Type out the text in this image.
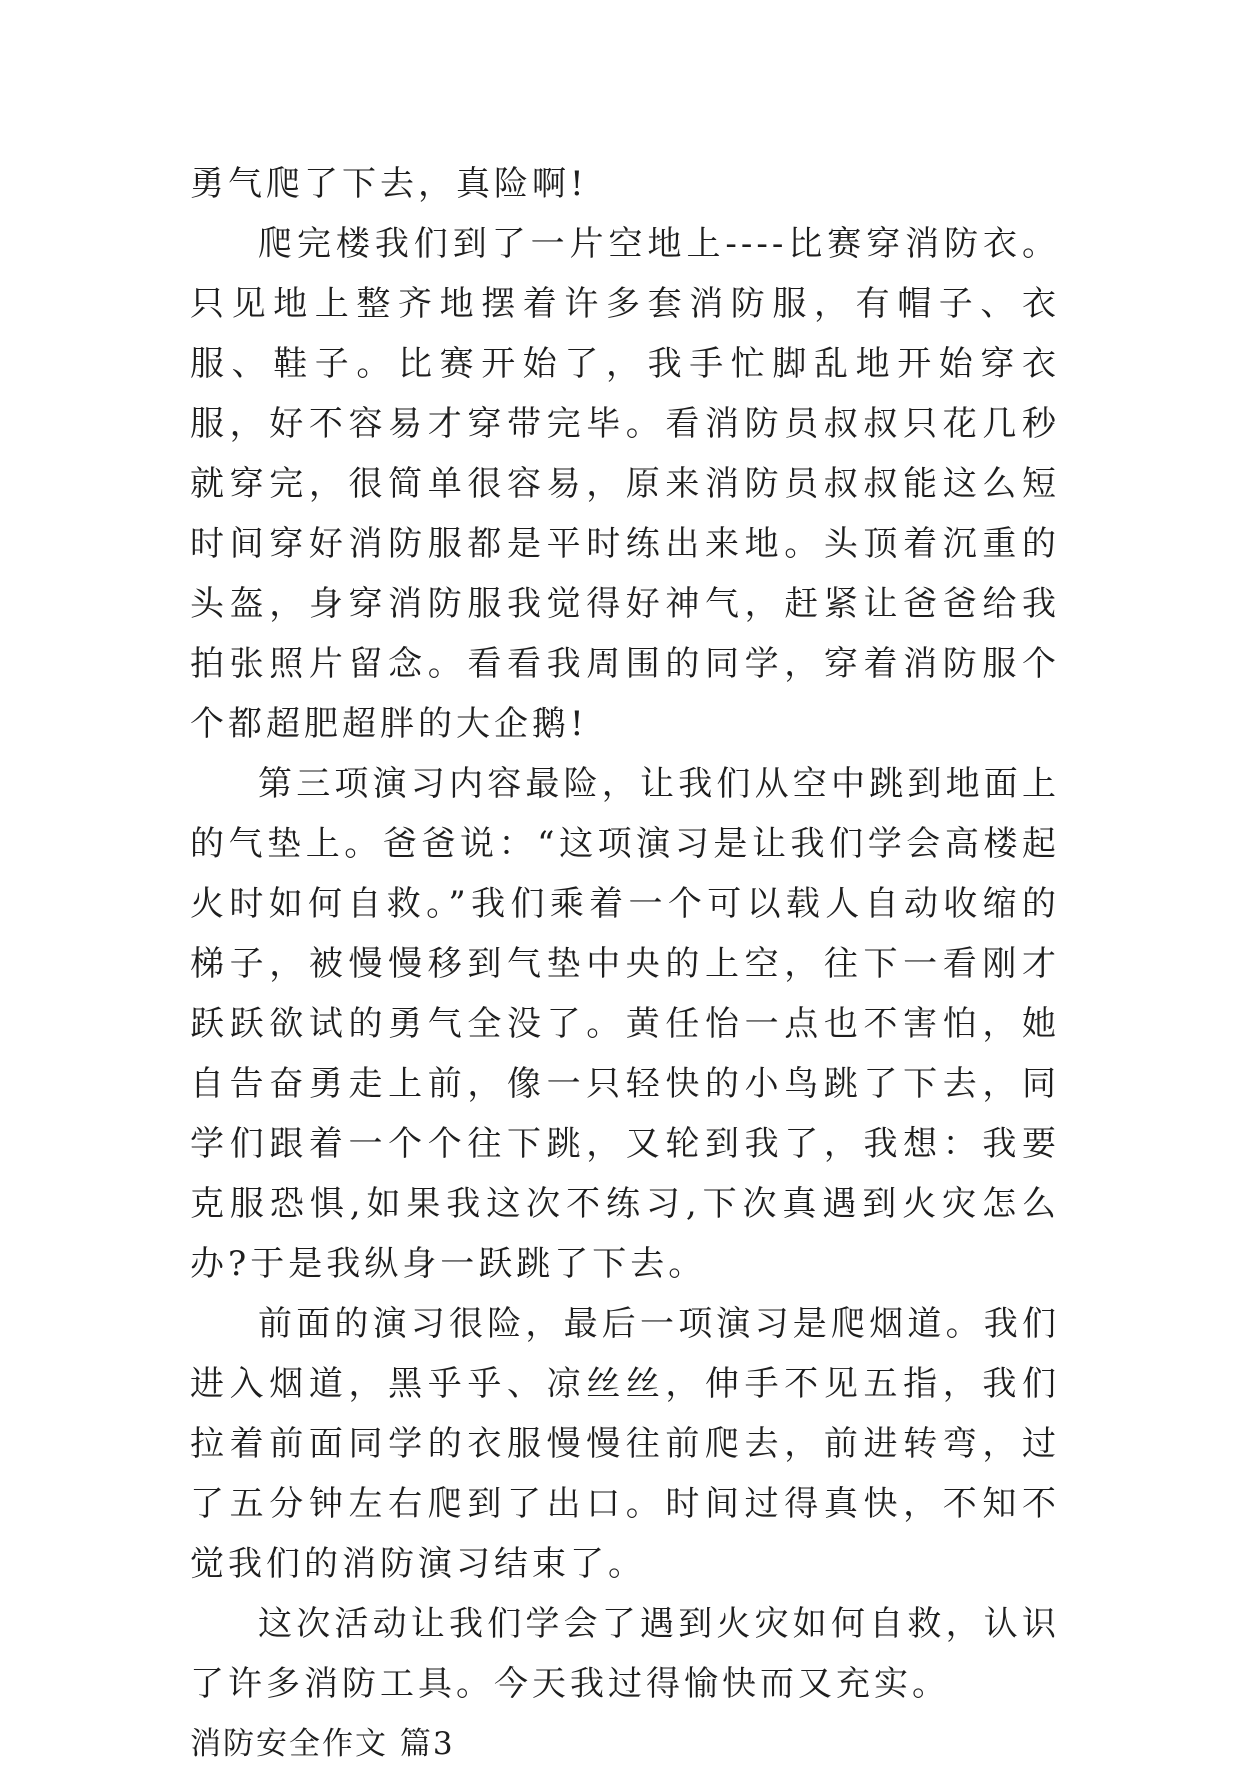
勇气爬了下去，真险啊!

爬完楼我们到了一片空地上----比赛穿消防衣。只见地上整齐地摆着许多套消防服，有帽子、衣服、鞋子。比赛开始了，我手忙脚乱地开始穿衣服，好不容易才穿带完毕。看消防员叔叔只花几秒就穿完，很简单很容易，原来消防员叔叔能这么短时间穿好消防服都是平时练出来地。头顶着沉重的头盔，身穿消防服我觉得好神气，赶紧让爸爸给我拍张照片留念。看看我周围的同学，穿着消防服个个都超肥超胖的大企鹅!

第三项演习内容最险，让我们从空中跳到地面上的气垫上。爸爸说：“这项演习是让我们学会高楼起火时如何自救。”我们乘着一个可以载人自动收缩的梯子，被慢慢移到气垫中央的上空，往下一看刚才跃跃欲试的勇气全没了。黄任怡一点也不害怕，她自告奋勇走上前，像一只轻快的小鸟跳了下去，同学们跟着一个个往下跳，又轮到我了，我想：我要克服恐惧,如果我这次不练习,下次真遇到火灾怎么办?于是我纵身一跃跳了下去。

前面的演习很险，最后一项演习是爬烟道。我们进入烟道，黑乎乎、凉丝丝，伸手不见五指，我们拉着前面同学的衣服慢慢往前爬去，前进转弯，过了五分钟左右爬到了出口。时间过得真快，不知不觉我们的消防演习结束了。

这次活动让我们学会了遇到火灾如何自救，认识了许多消防工具。今天我过得愉快而又充实。

消防安全作文 篇3
